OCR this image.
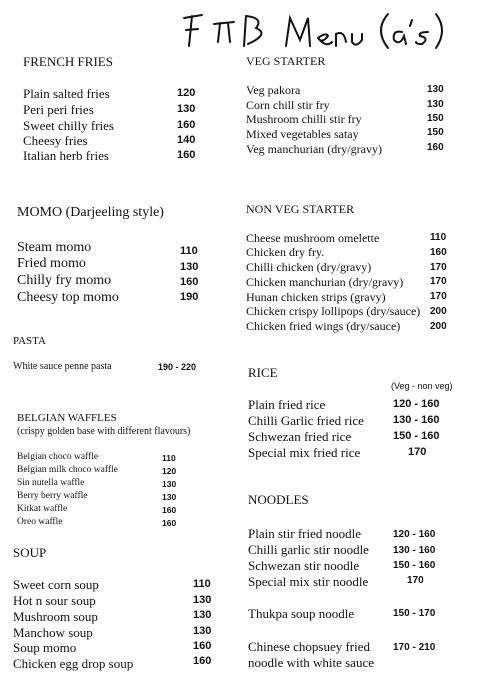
FRENCH FRIES
Plain salted fries	120
Peri peri fries	130
Sweet chilly fries	160
Cheesy fries	140
Italian herb fries	160
MOMO (Darjeeling style)
Steam momo	110
Fried momo	130
Chilly fry momo	160
Cheesy top momo	190
PASTA
White sauce penne pasta	190 - 220
BELGIAN WAFFLES
(crispy golden base with different flavours)
Belgian choco waffle	110
Belgian milk choco waffle	120
Sin nutella waffle	130
Berry berry waffle	130
Kitkat waffle	160
Oreo waffle	160
SOUP
Sweet corn soup	110
Hot n sour soup	130
Mushroom soup	130
Manchow soup	130
Soup momo	160
Chicken egg drop soup	160
VEG STARTER
Veg pakora	130
Corn chill stir fry	130
Mushroom chilli stir fry	150
Mixed vegetables satay	150
Veg manchurian (dry/gravy)	160
NON VEG STARTER
Cheese mushroom omelette	110
Chicken dry fry.	160
Chilli chicken (dry/gravy)	170
Chicken manchurian (dry/gravy)	170
Hunan chicken strips (gravy)	170
Chicken crispy lollipops (dry/sauce) 200
Chicken fried wings (dry/sauce)	200
RICE
(Veg - non veg)
Plain fried rice	120 - 160
Chilli Garlic fried rice	130 - 160
Schwezan fried rice	150 - 160
Special mix fried rice	170
NOODLES
Plain stir fried noodle	120 - 160
Chilli garlic stir noodle 130 - 160
Schwezan stir noodle	150 - 160
Special mix stir noodle	170
Thukpa soup noodle	150 - 170
Chinese chopsuey fried 170 - 210
noodle with white sauce
